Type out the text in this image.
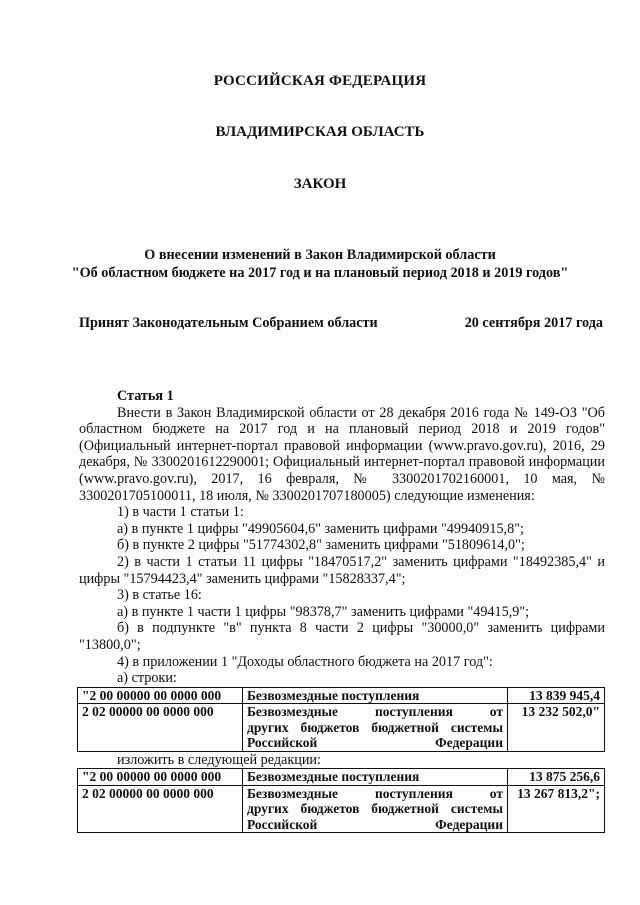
РОССИЙСКАЯ ФЕДЕРАЦИЯ
ВЛАДИМИРСКАЯ ОБЛАСТЬ
ЗАКОН
О внесении изменений в Закон Владимирской области
"Об областном бюджете на 2017 год и на плановый период 2018 и 2019 годов"
Принят Законодательным Собранием области	20 сентября 2017 года

Статья 1

Внести в Закон Владимирской области от 28 декабря 2016 года № 149-ОЗ "Об областном бюджете на 2017 год и на плановый период 2018 и 2019 годов" (Официальный интернет-портал правовой информации (www.pravo.gov.ru), 2016, 29 декабря, № 3300201612290001; Официальный интернет-портал правовой информации (www.pravo.gov.ru), 2017, 16 февраля, № 3300201702160001, 10 мая, № 3300201705100011, 18 июля, № 3300201707180005) следующие изменения:

1) в части 1 статьи 1:

а) в пункте 1 цифры "49905604,6" заменить цифрами "49940915,8";

б) в пункте 2 цифры "51774302,8" заменить цифрами "51809614,0";

2) в части 1 статьи 11 цифры "18470517,2" заменить цифрами "18492385,4" и цифры "15794423,4" заменить цифрами "15828337,4";

3) в статье 16:

а) в пункте 1 части 1 цифры "98378,7" заменить цифрами "49415,9";

б) в подпункте "в" пункта 8 части 2 цифры "30000,0" заменить цифрами "13800,0";

4) в приложении 1 "Доходы областного бюджета на 2017 год":

а) строки:

"2 00 00000 00 0000 000	Безвозмездные поступления	13 839 945,4
2 02 00000 00 0000 000	Безвозмездные поступления от
других бюджетов бюджетной системы Российской Федерации	13 232 502,0"

изложить в следующей редакции:

"2 00 00000 00 0000 000	Безвозмездные поступления	13 875 256,6
2 02 00000 00 0000 000	Безвозмездные поступления от
других бюджетов бюджетной системы Российской Федерации	13 267 813,2";
